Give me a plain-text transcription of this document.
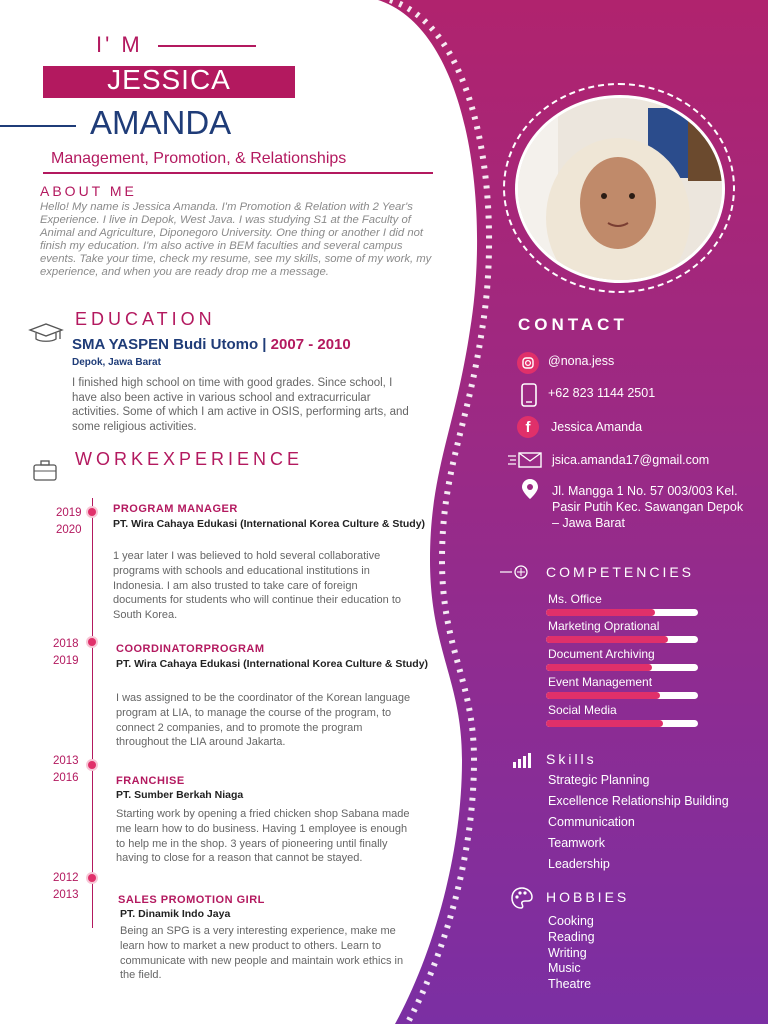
I' M
JESSICA
AMANDA
Management, Promotion, & Relationships
ABOUT ME
Hello! My name is Jessica Amanda. I'm Promotion & Relation with 2 Year's Experience. I live in Depok, West Java. I was studying S1 at the Faculty of Animal and Agriculture, Diponegoro University. One thing or another I did not finish my education. I'm also active in BEM faculties and several campus events. Take your time, check my resume, see my skills, some of my work, my experience, and when you are ready drop me a message.
EDUCATION
SMA YASPEN Budi Utomo | 2007 - 2010
Depok, Jawa Barat
I finished high school on time with good grades. Since school, I have also been active in various school and extracurricular activities. Some of which I am active in OSIS, performing arts, and some religious activities.
WORKEXPERIENCE
2019
2020
PROGRAM MANAGER
PT. Wira Cahaya Edukasi (International Korea Culture & Study)
1 year later I was believed to hold several collaborative programs with schools and educational institutions in Indonesia. I am also trusted to take care of foreign documents for students who will continue their education to South Korea.
2018
2019
COORDINATORPROGRAM
PT. Wira Cahaya Edukasi (International Korea Culture & Study)
I was assigned to be the coordinator of the Korean language program at LIA, to manage the course of the program, to connect 2 companies, and to promote the program throughout the LIA around Jakarta.
2013
2016	FRANCHISE
PT. Sumber Berkah Niaga
Starting work by opening a fried chicken shop Sabana made me learn how to do business. Having 1 employee is enough to help me in the shop. 3 years of pioneering until finally having to close for a reason that cannot be stayed.
2012
2013	SALES PROMOTION GIRL
PT. Dinamik Indo Jaya
Being an SPG is a very interesting experience, make me learn how to market a new product to others. Learn to communicate with new people and maintain work ethics in the field.
CONTACT
@nona.jess
+62 823 1144 2501
f	Jessica Amanda
jsica.amanda17@gmail.com
Jl. Mangga 1 No. 57 003/003 Kel. Pasir Putih Kec. Sawangan Depok – Jawa Barat
COMPETENCIES
Ms. Office
Marketing Oprational
Document Archiving
Event Management
Social Media
Skills
Strategic Planning
Excellence Relationship Building
Communication
Teamwork
Leadership
HOBBIES
Cooking
Reading
Writing
Music
Theatre
